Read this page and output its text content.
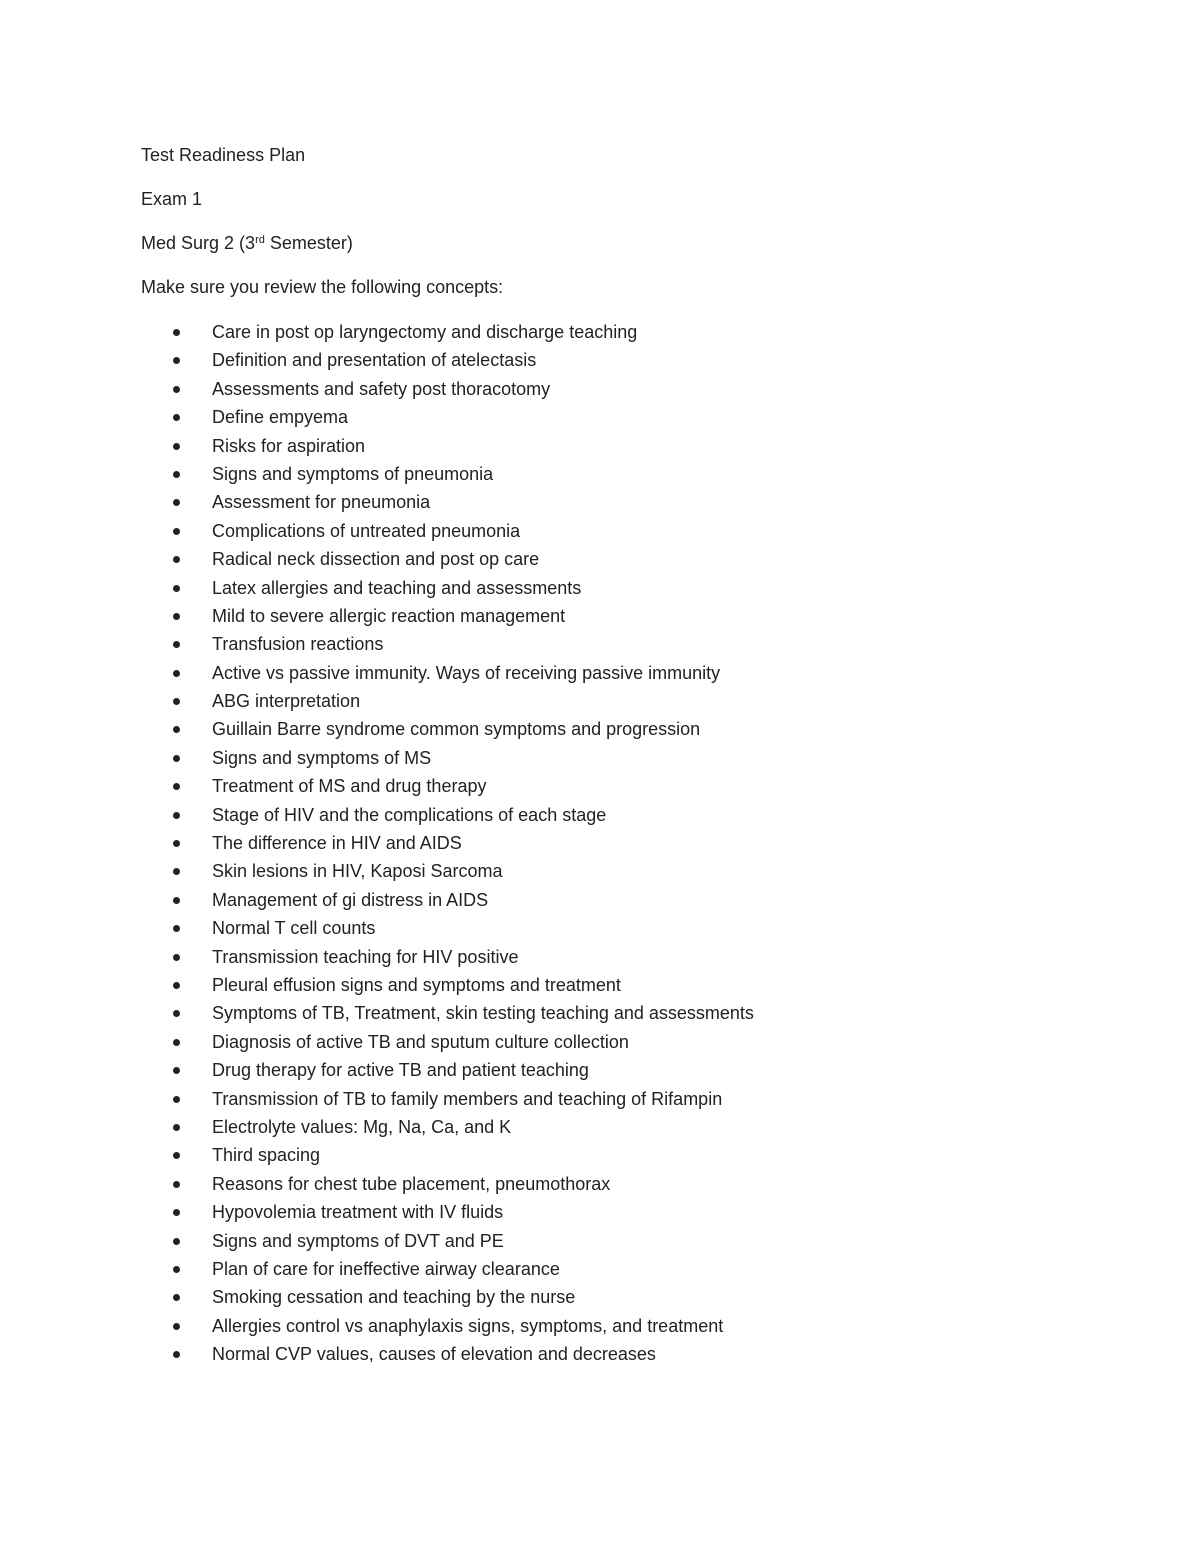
Test Readiness Plan

Exam 1

Med Surg 2 (3rd Semester)

Make sure you review the following concepts:

Care in post op laryngectomy and discharge teaching
Definition and presentation of atelectasis
Assessments and safety post thoracotomy
Define empyema
Risks for aspiration
Signs and symptoms of pneumonia
Assessment for pneumonia
Complications of untreated pneumonia
Radical neck dissection and post op care
Latex allergies and teaching and assessments
Mild to severe allergic reaction management
Transfusion reactions
Active vs passive immunity. Ways of receiving passive immunity
ABG interpretation
Guillain Barre syndrome common symptoms and progression
Signs and symptoms of MS
Treatment of MS and drug therapy
Stage of HIV and the complications of each stage
The difference in HIV and AIDS
Skin lesions in HIV, Kaposi Sarcoma
Management of gi distress in AIDS
Normal T cell counts
Transmission teaching for HIV positive
Pleural effusion signs and symptoms and treatment
Symptoms of TB, Treatment, skin testing teaching and assessments
Diagnosis of active TB and sputum culture collection
Drug therapy for active TB and patient teaching
Transmission of TB to family members and teaching of Rifampin
Electrolyte values: Mg, Na, Ca, and K
Third spacing
Reasons for chest tube placement, pneumothorax
Hypovolemia treatment with IV fluids
Signs and symptoms of DVT and PE
Plan of care for ineffective airway clearance
Smoking cessation and teaching by the nurse
Allergies control vs anaphylaxis signs, symptoms, and treatment
Normal CVP values, causes of elevation and decreases
